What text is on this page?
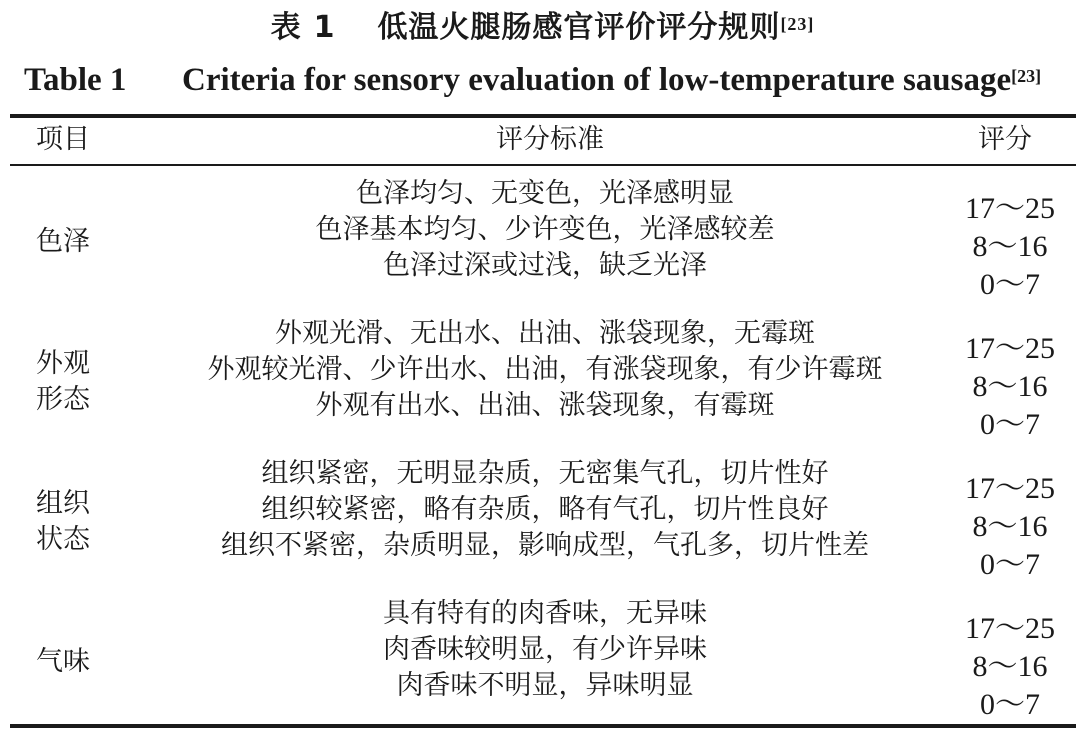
表 1 低温火腿肠感官评价评分规则[23]
Table 1 Criteria for sensory evaluation of low-temperature sausage[23]
项目	评分标准	评分
色泽
色泽均匀、无变色，光泽感明显
色泽基本均匀、少许变色，光泽感较差
色泽过深或过浅，缺乏光泽
17～25
8～16
0～7
外观
形态
外观光滑、无出水、出油、涨袋现象，无霉斑
外观较光滑、少许出水、出油，有涨袋现象，有少许霉斑
外观有出水、出油、涨袋现象，有霉斑
17～25
8～16
0～7
组织
状态
组织紧密，无明显杂质，无密集气孔，切片性好
组织较紧密，略有杂质，略有气孔，切片性良好
组织不紧密，杂质明显，影响成型，气孔多，切片性差
17～25
8～16
0～7
气味
具有特有的肉香味，无异味
肉香味较明显，有少许异味
肉香味不明显，异味明显
17～25
8～16
0～7
